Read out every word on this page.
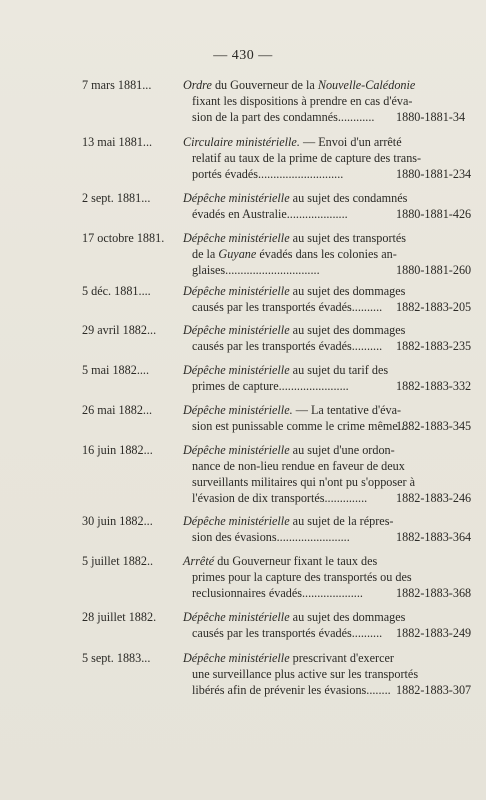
— 430 —
7 mars 1881...	Ordre du Gouverneur de la Nouvelle-Calédonie
fixant les dispositions à prendre en cas d'éva-
sion de la part des condamnés............	1880-1881-34
13 mai 1881...	Circulaire ministérielle. — Envoi d'un arrêté
relatif au taux de la prime de capture des trans-
portés évadés............................	1880-1881-234
2 sept. 1881...	Dépêche ministérielle au sujet des condamnés
évadés en Australie....................	1880-1881-426
17 octobre 1881. Dépêche ministérielle au sujet des transportés
de la Guyane évadés dans les colonies an-
glaises...............................	1880-1881-260
5 déc. 1881....	Dépêche ministérielle au sujet des dommages
causés par les transportés évadés..........	1882-1883-205
29 avril 1882... Dépêche ministérielle au sujet des dommages
causés par les transportés évadés..........	1882-1883-235
5 mai 1882....	Dépêche ministérielle au sujet du tarif des
primes de capture.......................	1882-1883-332
26 mai 1882...	Dépêche ministérielle. — La tentative d'éva-
sion est punissable comme le crime même...
1882-1883-345
16 juin 1882... Dépêche ministérielle au sujet d'une ordon-
nance de non-lieu rendue en faveur de deux
surveillants militaires qui n'ont pu s'opposer à
l'évasion de dix transportés..............	1882-1883-246
30 juin 1882... Dépêche ministérielle au sujet de la répres-
sion des évasions........................	1882-1883-364
5 juillet 1882.. Arrêté du Gouverneur fixant le taux des
primes pour la capture des transportés ou des
reclusionnaires évadés....................	1882-1883-368
28 juillet 1882. Dépêche ministérielle au sujet des dommages
causés par les transportés évadés..........	1882-1883-249
5 sept. 1883...	Dépêche ministérielle prescrivant d'exercer
une surveillance plus active sur les transportés
libérés afin de prévenir les évasions........ 1882-1883-307
